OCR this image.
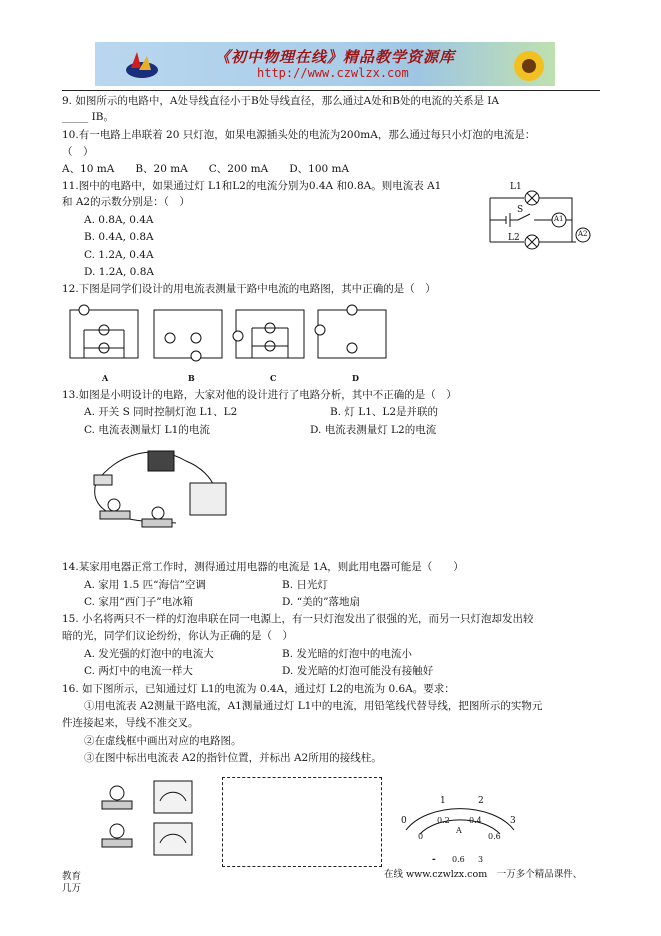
《初中物理在线》精品教学资源库
http://www.czwlzx.com
9. 如图所示的电路中，A处导线直径小于B处导线直径，那么通过A处和B处的电流的关系是 IA
_____ IB。
10.有一电路上串联着 20 只灯泡，如果电源插头处的电流为200mA，那么通过每只小灯泡的电流是：
（　）
A、10 mA　　B、20 mA　　C、200 mA　　D、100 mA
11.图中的电路中，如果通过灯 L1和L2的电流分别为0.4A 和0.8A。则电流表 A1
和 A2的示数分别是：（　）
A. 0.8A, 0.4A
B. 0.4A, 0.8A
C. 1.2A, 0.4A
D. 1.2A, 0.8A
L1
S
A1
L2	A2
12.下图是同学们设计的用电流表测量干路中电流的电路图，其中正确的是（　）
A	B	C	D
13.如图是小明设计的电路，大家对他的设计进行了电路分析，其中不正确的是（　）
A. 开关 S 同时控制灯泡 L1、L2	B. 灯 L1、L2是并联的
C. 电流表测量灯 L1的电流	D. 电流表测量灯 L2的电流
14.某家用电器正常工作时，测得通过用电器的电流是 1A，则此用电器可能是（　　）
A. 家用 1.5 匹“海信”空调	B. 日光灯
C. 家用“西门子”电冰箱	D. “美的”落地扇
15. 小名将两只不一样的灯泡串联在同一电源上，有一只灯泡发出了很强的光，而另一只灯泡却发出较
暗的光，同学们议论纷纷，你认为正确的是（　）
A. 发光强的灯泡中的电流大	B. 发光暗的灯泡中的电流小
C. 两灯中的电流一样大	D. 发光暗的灯泡可能没有接触好
16. 如下图所示，已知通过灯 L1的电流为 0.4A，通过灯 L2的电流为 0.6A。要求：
①用电流表 A2测量干路电流，A1测量通过灯 L1中的电流，用铅笔线代替导线，把图所示的实物元
件连接起来，导线不准交叉。
②在虚线框中画出对应的电路图。
③在图中标出电流表 A2的指针位置，并标出 A2所用的接线柱。
0
1	2
3
0
0.2 0.4
0.6
A
- 0.6 3
教育
几万
在线 www.czwlzx.com　一万多个精品课件、
